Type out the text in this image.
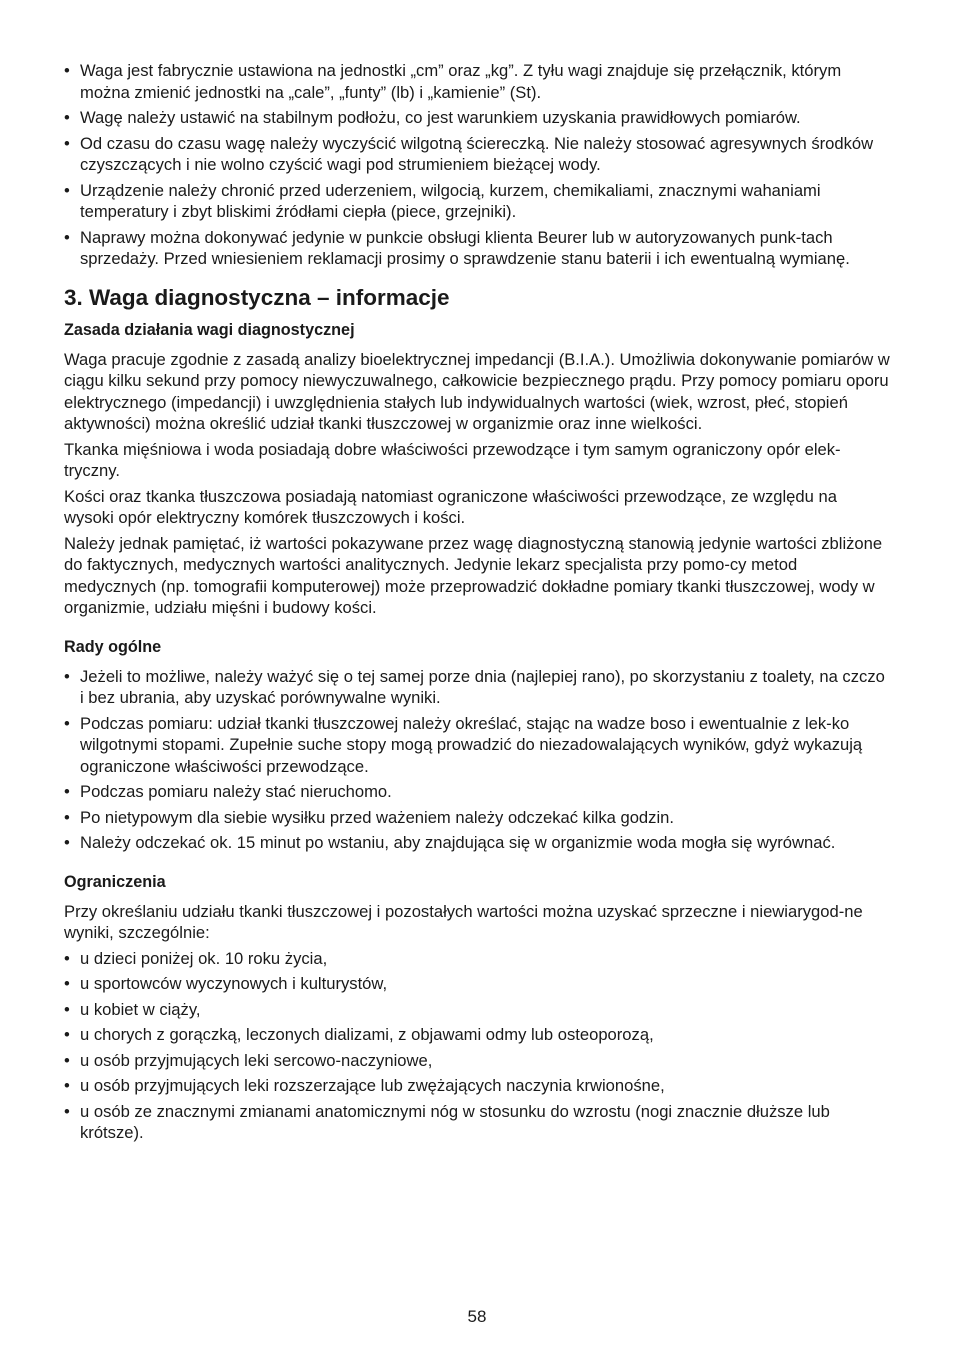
• Waga jest fabrycznie ustawiona na jednostki „cm” oraz „kg”. Z tyłu wagi znajduje się przełącznik, którym można zmienić jednostki na „cale”, „funty” (lb) i „kamienie” (St).
• Wagę należy ustawić na stabilnym podłożu, co jest warunkiem uzyskania prawidłowych pomiarów.
• Od czasu do czasu wagę należy wyczyścić wilgotną ściereczką. Nie należy stosować agresywnych środków czyszczących i nie wolno czyścić wagi pod strumieniem bieżącej wody.
• Urządzenie należy chronić przed uderzeniem, wilgocią, kurzem, chemikaliami, znacznymi wahaniami temperatury i zbyt bliskimi źródłami ciepła (piece, grzejniki).
• Naprawy można dokonywać jedynie w punkcie obsługi klienta Beurer lub w autoryzowanych punk-tach sprzedaży. Przed wniesieniem reklamacji prosimy o sprawdzenie stanu baterii i ich ewentualną wymianę.
3. Waga diagnostyczna – informacje
Zasada działania wagi diagnostycznej

Waga pracuje zgodnie z zasadą analizy bioelektrycznej impedancji (B.I.A.). Umożliwia dokonywanie pomiarów w ciągu kilku sekund przy pomocy niewyczuwalnego, całkowicie bezpiecznego prądu. Przy pomocy pomiaru oporu elektrycznego (impedancji) i uwzględnienia stałych lub indywidualnych wartości (wiek, wzrost, płeć, stopień aktywności) można określić udział tkanki tłuszczowej w organizmie oraz inne wielkości.

Tkanka mięśniowa i woda posiadają dobre właściwości przewodzące i tym samym ograniczony opór elek-tryczny.

Kości oraz tkanka tłuszczowa posiadają natomiast ograniczone właściwości przewodzące, ze względu na wysoki opór elektryczny komórek tłuszczowych i kości.

Należy jednak pamiętać, iż wartości pokazywane przez wagę diagnostyczną stanowią jedynie wartości zbliżone do faktycznych, medycznych wartości analitycznych. Jedynie lekarz specjalista przy pomo-cy metod medycznych (np. tomografii komputerowej) może przeprowadzić dokładne pomiary tkanki tłuszczowej, wody w organizmie, udziału mięśni i budowy kości.

Rady ogólne
• Jeżeli to możliwe, należy ważyć się o tej samej porze dnia (najlepiej rano), po skorzystaniu z toalety, na czczo i bez ubrania, aby uzyskać porównywalne wyniki.
• Podczas pomiaru: udział tkanki tłuszczowej należy określać, stając na wadze boso i ewentualnie z lek-ko wilgotnymi stopami. Zupełnie suche stopy mogą prowadzić do niezadowalających wyników, gdyż wykazują ograniczone właściwości przewodzące.
• Podczas pomiaru należy stać nieruchomo.
• Po nietypowym dla siebie wysiłku przed ważeniem należy odczekać kilka godzin.
• Należy odczekać ok. 15 minut po wstaniu, aby znajdująca się w organizmie woda mogła się wyrównać.
Ograniczenia

Przy określaniu udziału tkanki tłuszczowej i pozostałych wartości można uzyskać sprzeczne i niewiarygod-ne wyniki, szczególnie:

• u dzieci poniżej ok. 10 roku życia,
• u sportowców wyczynowych i kulturystów,
• u kobiet w ciąży,
• u chorych z gorączką, leczonych dializami, z objawami odmy lub osteoporozą,
• u osób przyjmujących leki sercowo-naczyniowe,
• u osób przyjmujących leki rozszerzające lub zwężających naczynia krwionośne,
• u osób ze znacznymi zmianami anatomicznymi nóg w stosunku do wzrostu (nogi znacznie dłuższe lub krótsze).
58
